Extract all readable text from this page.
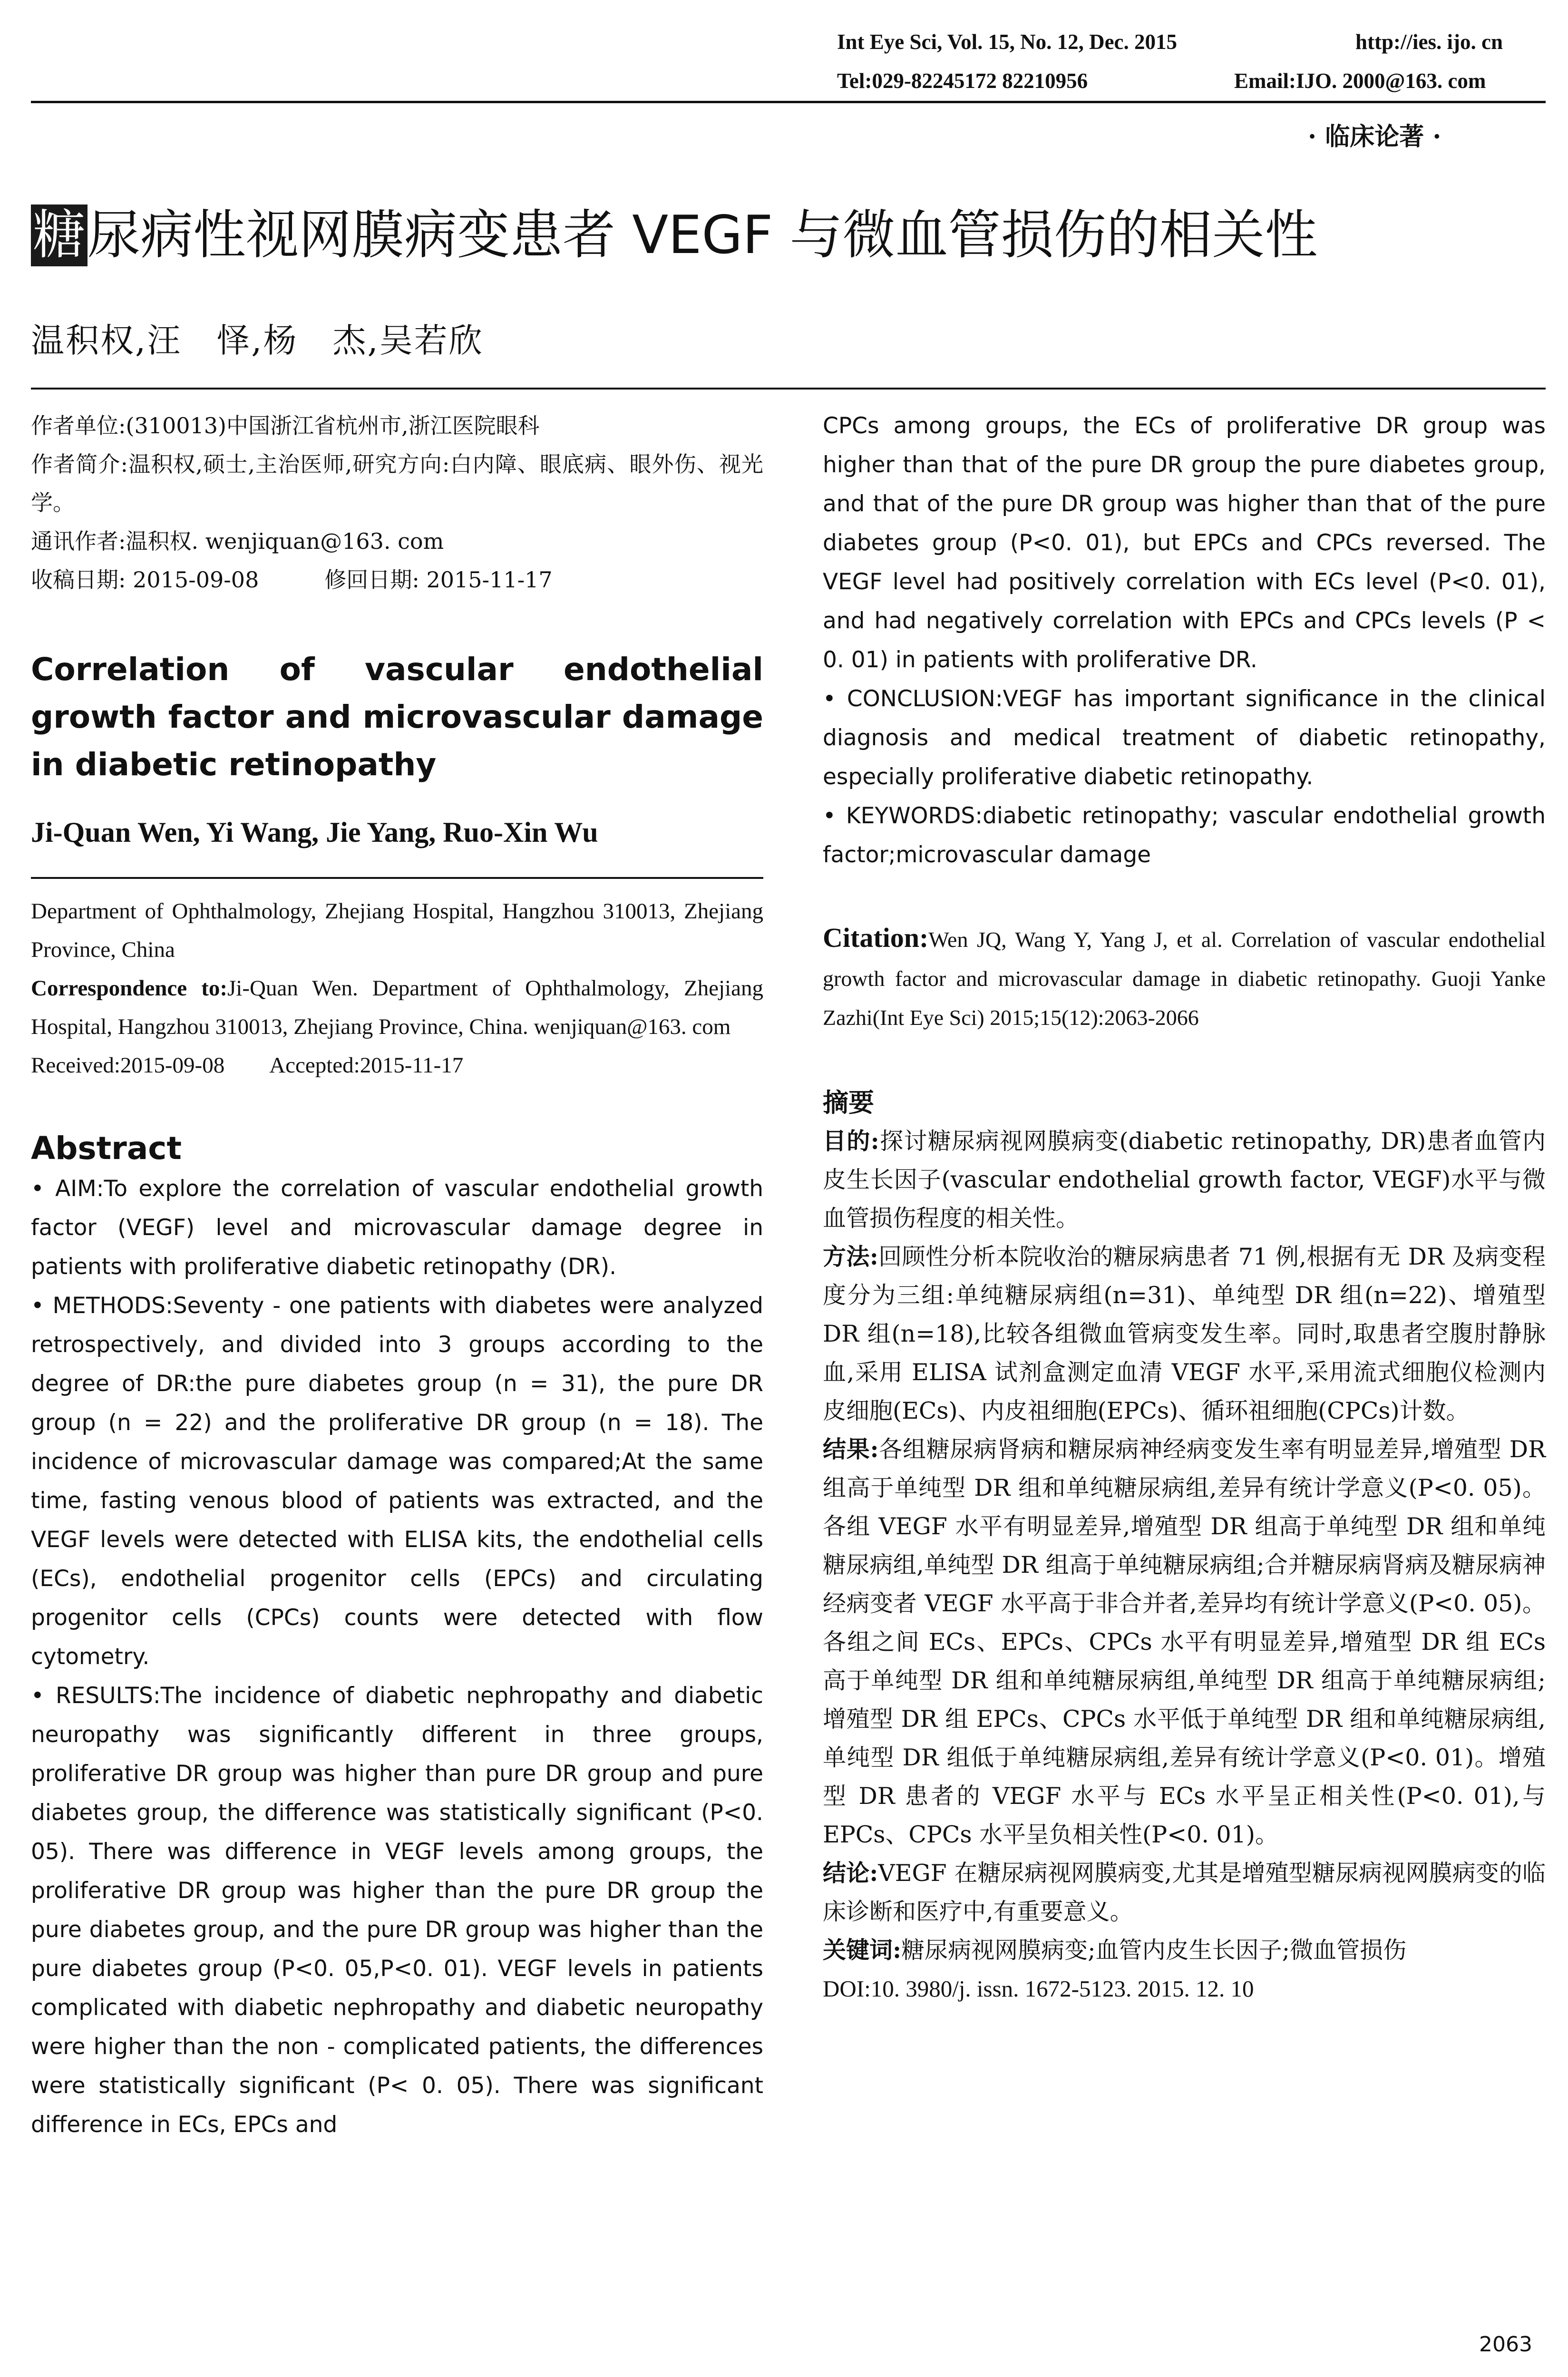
Int Eye Sci, Vol. 15, No. 12, Dec. 2015	http://ies. ijo. cn
Tel:029-82245172 82210956	Email:IJO. 2000@163. com
· 临床论著 ·
糖尿病性视网膜病变患者 VEGF 与微血管损伤的相关性
温积权,汪　怿,杨　杰,吴若欣

作者单位:(310013)中国浙江省杭州市,浙江医院眼科

作者简介:温积权,硕士,主治医师,研究方向:白内障、眼底病、眼外伤、视光学。

通讯作者:温积权. wenjiquan@163. com

收稿日期: 2015-09-08　　　修回日期: 2015-11-17

Correlation of vascular endothelial growth factor and microvascular damage in diabetic retinopathy
Ji-Quan Wen, Yi Wang, Jie Yang, Ruo-Xin Wu

Department of Ophthalmology, Zhejiang Hospital, Hangzhou 310013, Zhejiang Province, China

Correspondence to:Ji-Quan Wen. Department of Ophthalmology, Zhejiang Hospital, Hangzhou 310013, Zhejiang Province, China. wenjiquan@163. com

Received:2015-09-08　　Accepted:2015-11-17

Abstract

• AIM:To explore the correlation of vascular endothelial growth factor (VEGF) level and microvascular damage degree in patients with proliferative diabetic retinopathy (DR).

• METHODS:Seventy - one patients with diabetes were analyzed retrospectively, and divided into 3 groups according to the degree of DR:the pure diabetes group (n = 31), the pure DR group (n = 22) and the proliferative DR group (n = 18). The incidence of microvascular damage was compared;At the same time, fasting venous blood of patients was extracted, and the VEGF levels were detected with ELISA kits, the endothelial cells (ECs), endothelial progenitor cells (EPCs) and circulating progenitor cells (CPCs) counts were detected with flow cytometry.

• RESULTS:The incidence of diabetic nephropathy and diabetic neuropathy was significantly different in three groups, proliferative DR group was higher than pure DR group and pure diabetes group, the difference was statistically significant (P<0. 05). There was difference in VEGF levels among groups, the proliferative DR group was higher than the pure DR group the pure diabetes group, and the pure DR group was higher than the pure diabetes group (P<0. 05,P<0. 01). VEGF levels in patients complicated with diabetic nephropathy and diabetic neuropathy were higher than the non - complicated patients, the differences were statistically significant (P< 0. 05). There was significant difference in ECs, EPCs and

CPCs among groups, the ECs of proliferative DR group was higher than that of the pure DR group the pure diabetes group, and that of the pure DR group was higher than that of the pure diabetes group (P<0. 01), but EPCs and CPCs reversed. The VEGF level had positively correlation with ECs level (P<0. 01), and had negatively correlation with EPCs and CPCs levels (P < 0. 01) in patients with proliferative DR.

• CONCLUSION:VEGF has important significance in the clinical diagnosis and medical treatment of diabetic retinopathy, especially proliferative diabetic retinopathy.

• KEYWORDS:diabetic retinopathy; vascular endothelial growth factor;microvascular damage

Citation:Wen JQ, Wang Y, Yang J, et al. Correlation of vascular endothelial growth factor and microvascular damage in diabetic retinopathy. Guoji Yanke Zazhi(Int Eye Sci) 2015;15(12):2063-2066
摘要

目的:探讨糖尿病视网膜病变(diabetic retinopathy, DR)患者血管内皮生长因子(vascular endothelial growth factor, VEGF)水平与微血管损伤程度的相关性。

方法:回顾性分析本院收治的糖尿病患者 71 例,根据有无 DR 及病变程度分为三组:单纯糖尿病组(n=31)、单纯型 DR 组(n=22)、增殖型 DR 组(n=18),比较各组微血管病变发生率。同时,取患者空腹肘静脉血,采用 ELISA 试剂盒测定血清 VEGF 水平,采用流式细胞仪检测内皮细胞(ECs)、内皮祖细胞(EPCs)、循环祖细胞(CPCs)计数。

结果:各组糖尿病肾病和糖尿病神经病变发生率有明显差异,增殖型 DR 组高于单纯型 DR 组和单纯糖尿病组,差异有统计学意义(P<0. 05)。各组 VEGF 水平有明显差异,增殖型 DR 组高于单纯型 DR 组和单纯糖尿病组,单纯型 DR 组高于单纯糖尿病组;合并糖尿病肾病及糖尿病神经病变者 VEGF 水平高于非合并者,差异均有统计学意义(P<0. 05)。各组之间 ECs、EPCs、CPCs 水平有明显差异,增殖型 DR 组 ECs 高于单纯型 DR 组和单纯糖尿病组,单纯型 DR 组高于单纯糖尿病组;增殖型 DR 组 EPCs、CPCs 水平低于单纯型 DR 组和单纯糖尿病组,单纯型 DR 组低于单纯糖尿病组,差异有统计学意义(P<0. 01)。增殖型 DR 患者的 VEGF 水平与 ECs 水平呈正相关性(P<0. 01),与 EPCs、CPCs 水平呈负相关性(P<0. 01)。

结论:VEGF 在糖尿病视网膜病变,尤其是增殖型糖尿病视网膜病变的临床诊断和医疗中,有重要意义。

关键词:糖尿病视网膜病变;血管内皮生长因子;微血管损伤

DOI:10. 3980/j. issn. 1672-5123. 2015. 12. 10

2063
